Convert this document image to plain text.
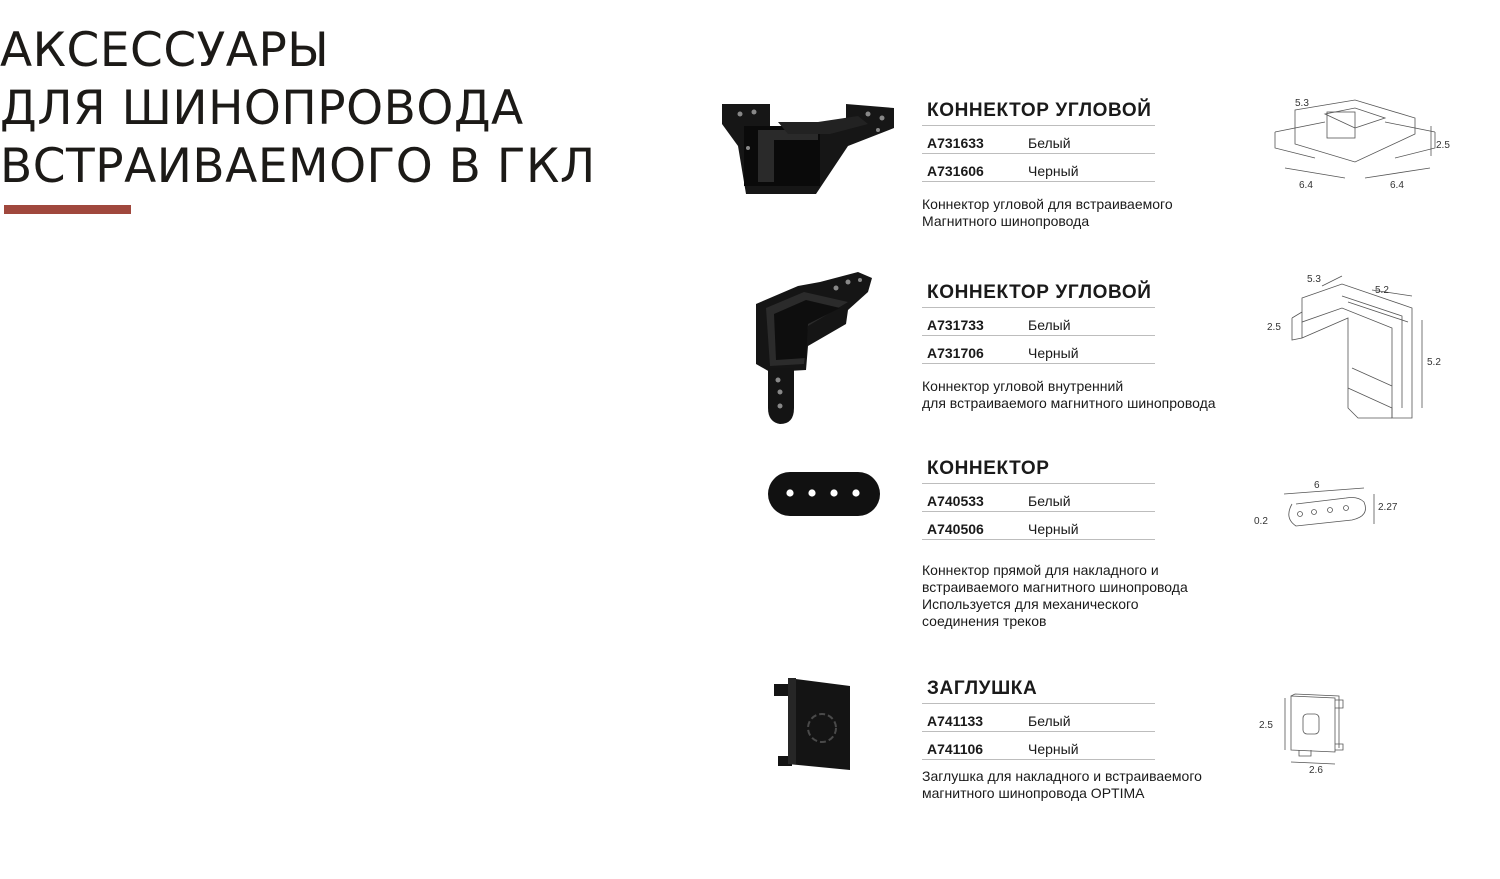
АКСЕССУАРЫ
ДЛЯ ШИНОПРОВОДА
ВСТРАИВАЕМОГО В ГКЛ
КОННЕКТОР УГЛОВОЙ
A731633	Белый
A731606	Черный
Коннектор угловой для встраиваемого
Магнитного шинопровода
5.3
2.5
6.4	6.4
КОННЕКТОР УГЛОВОЙ
A731733	Белый
A731706	Черный
Коннектор угловой внутренний
для встраиваемого магнитного шинопровода
5.3
5.2
2.5
5.2
КОННЕКТОР
A740533	Белый
A740506	Черный
Коннектор прямой для накладного и
встраиваемого магнитного шинопровода
Используется для механического
соединения треков
6
2.27
0.2
ЗАГЛУШКА
A741133	Белый
A741106	Черный
Заглушка для накладного и встраиваемого
магнитного шинопровода OPTIMA
2.5
2.6
